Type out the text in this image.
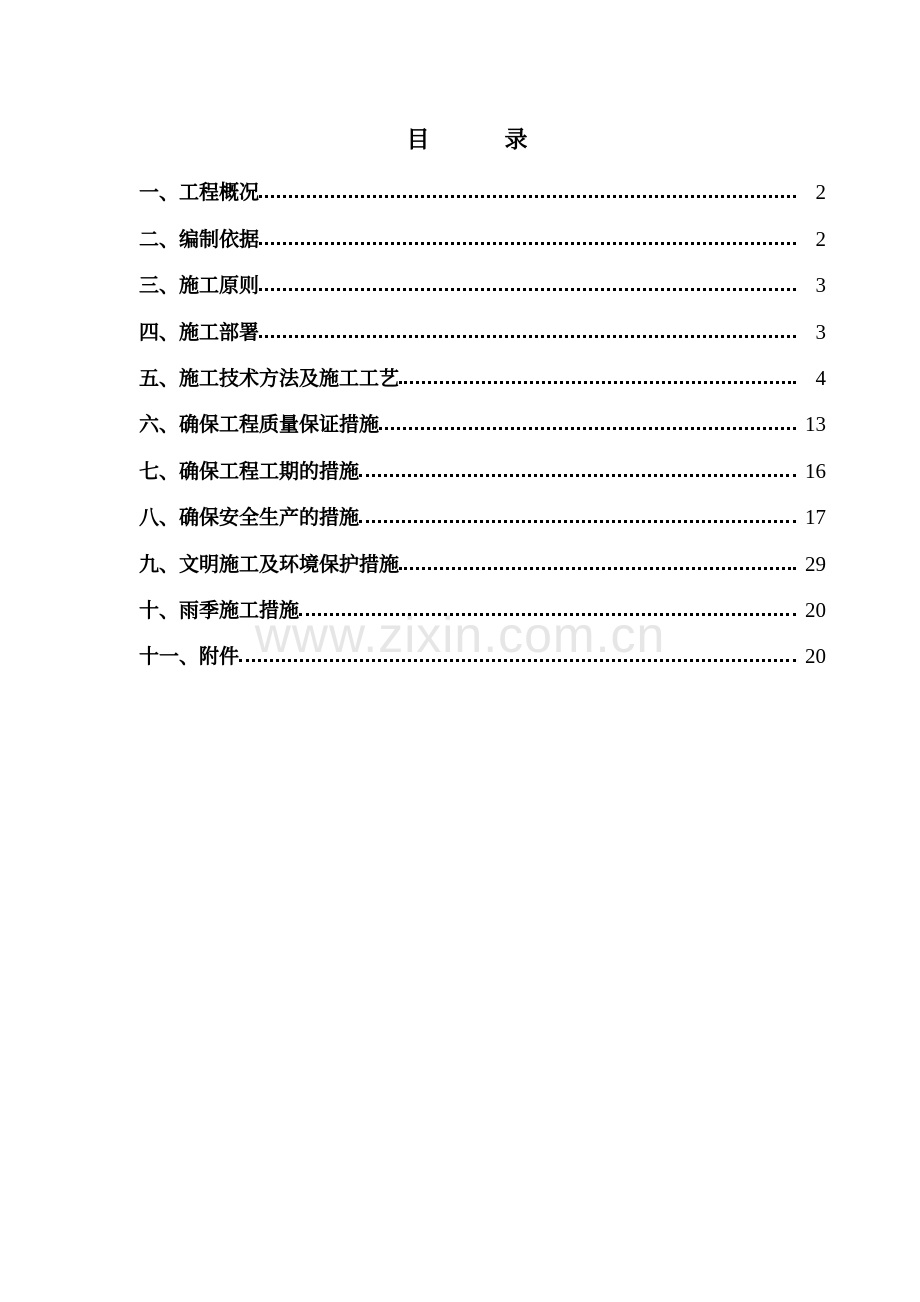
www.zixin.com.cn
目　录
一、工程概况	2
二、编制依据	2
三、施工原则	3
四、施工部署	3
五、施工技术方法及施工工艺	4
六、确保工程质量保证措施	13
七、确保工程工期的措施	16
八、确保安全生产的措施	17
九、文明施工及环境保护措施	29
十、雨季施工措施	20
十一、附件	20
